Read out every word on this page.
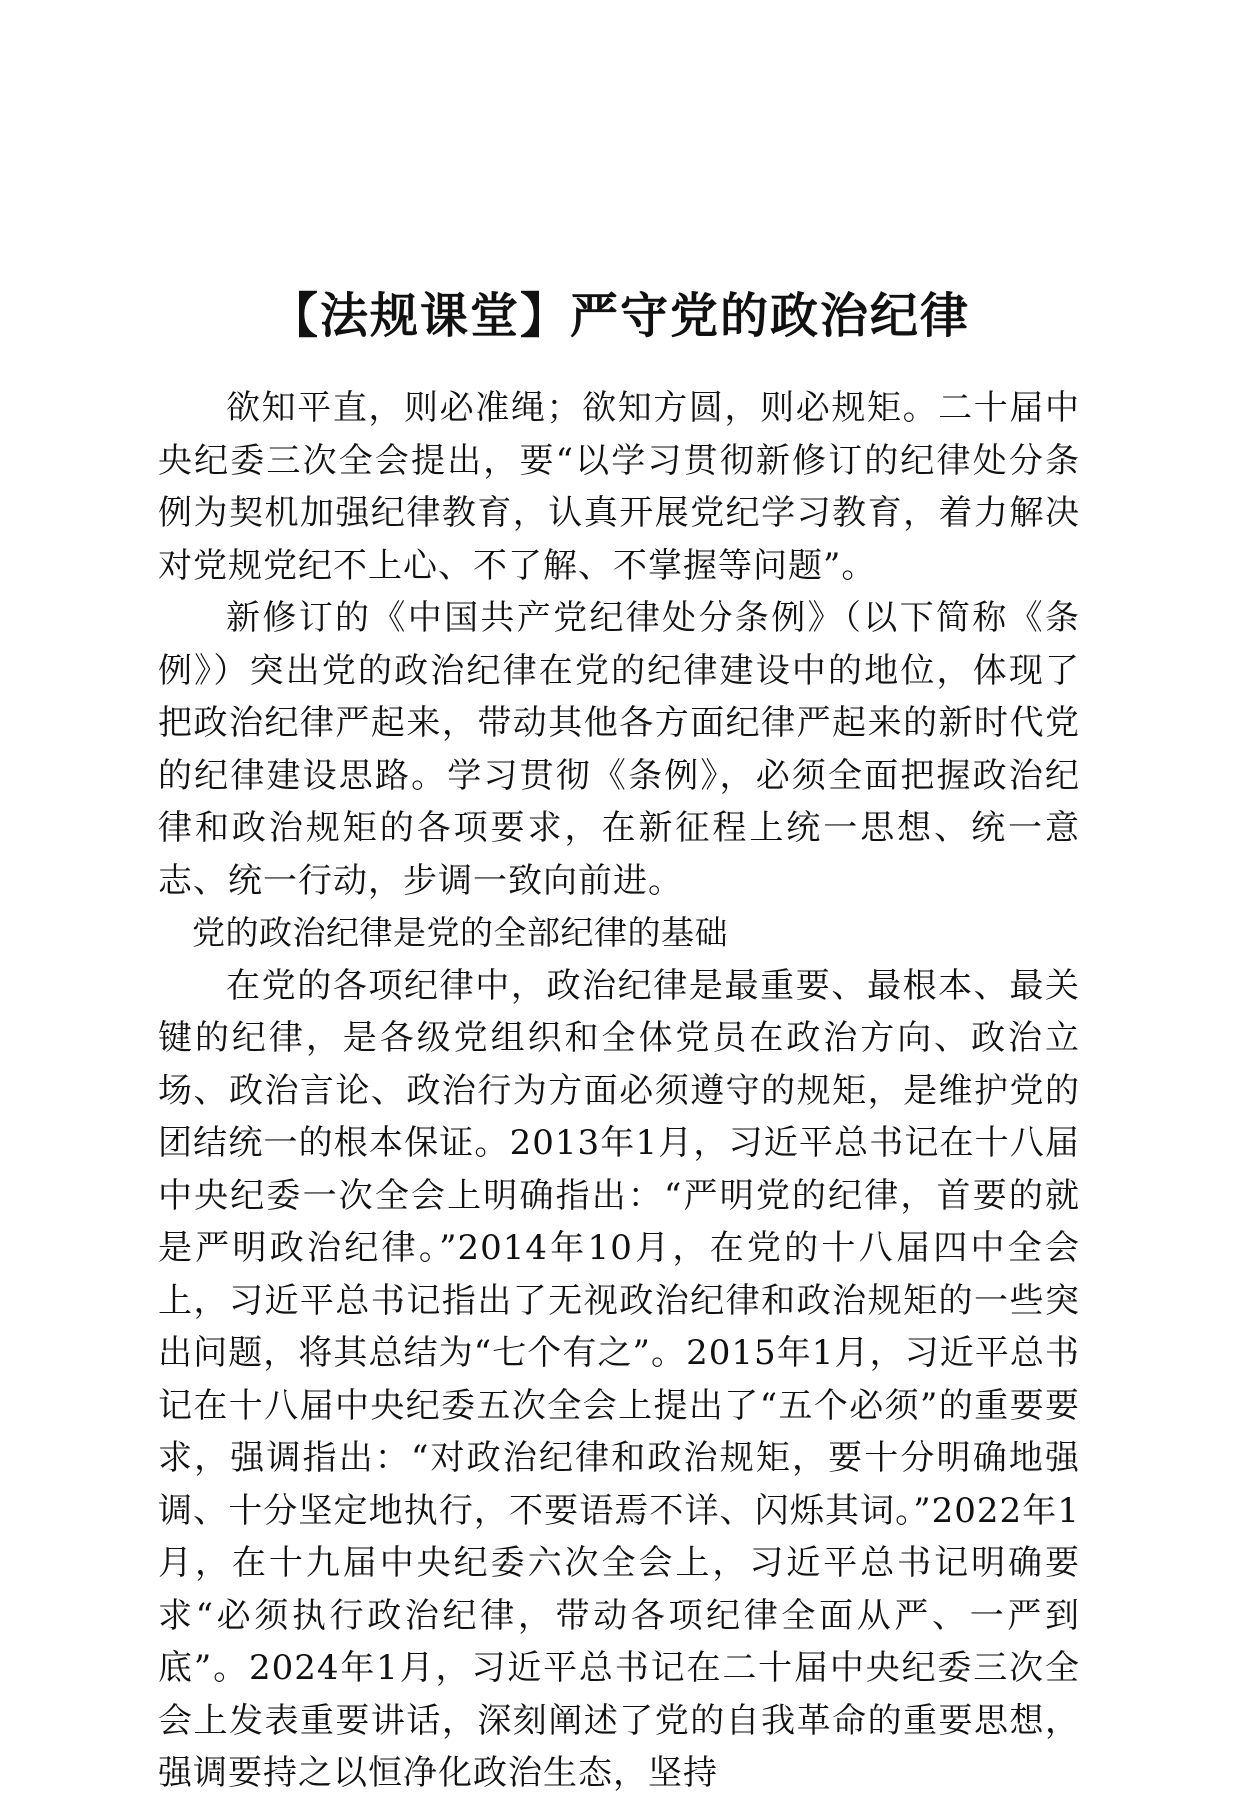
【法规课堂】严守党的政治纪律

欲知平直，则必准绳；欲知方圆，则必规矩。二十届中央纪委三次全会提出，要“以学习贯彻新修订的纪律处分条例为契机加强纪律教育，认真开展党纪学习教育，着力解决对党规党纪不上心、不了解、不掌握等问题”。

新修订的《中国共产党纪律处分条例》（以下简称《条例》）突出党的政治纪律在党的纪律建设中的地位，体现了把政治纪律严起来，带动其他各方面纪律严起来的新时代党的纪律建设思路。学习贯彻《条例》，必须全面把握政治纪律和政治规矩的各项要求，在新征程上统一思想、统一意志、统一行动，步调一致向前进。

党的政治纪律是党的全部纪律的基础

在党的各项纪律中，政治纪律是最重要、最根本、最关键的纪律，是各级党组织和全体党员在政治方向、政治立场、政治言论、政治行为方面必须遵守的规矩，是维护党的团结统一的根本保证。2013年1月，习近平总书记在十八届中央纪委一次全会上明确指出：“严明党的纪律，首要的就是严明政治纪律。”2014年10月，在党的十八届四中全会上，习近平总书记指出了无视政治纪律和政治规矩的一些突出问题，将其总结为“七个有之”。2015年1月，习近平总书记在十八届中央纪委五次全会上提出了“五个必须”的重要要求，强调指出：“对政治纪律和政治规矩，要十分明确地强调、十分坚定地执行，不要语焉不详、闪烁其词。”2022年1月，在十九届中央纪委六次全会上，习近平总书记明确要求“必须执行政治纪律，带动各项纪律全面从严、一严到底”。2024年1月，习近平总书记在二十届中央纪委三次全会上发表重要讲话，深刻阐述了党的自我革命的重要思想，强调要持之以恒净化政治生态，坚持
